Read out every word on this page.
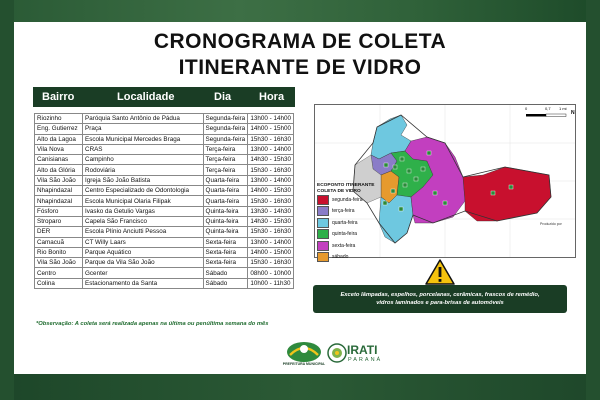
CRONOGRAMA DE COLETA
ITINERANTE DE VIDRO
Bairro	Localidade	Dia	Hora
Riozinho	Paróquia Santo Antônio de Pádua	Segunda-feira	13h00 - 14h00
Eng. Gutierrez	Praça	Segunda-feira	14h00 - 15h00
Alto da Lagoa	Escola Municipal Mercedes Braga	Segunda-feira	15h30 - 16h30
Vila Nova	CRAS	Terça-feira	13h00 - 14h00
Canisianas	Campinho	Terça-feira	14h30 - 15h30
Alto da Glória	Rodoviária	Terça-feira	15h30 - 16h30
Vila São João	Igreja São João Batista	Quarta-feira	13h00 - 14h00
Nhapindazal	Centro Especializado de Odontologia	Quarta-feira	14h00 - 15h30
Nhapindazal	Escola Municipal Olaria Filipak	Quarta-feira	15h30 - 16h30
Fósforo	Ivasko da Getulio Vargas	Quinta-feira	13h30 - 14h30
Stroparo	Capela São Francisco	Quinta-feira	14h30 - 15h30
DER	Escola Plínio Anciutti Pessoa	Quinta-feira	15h30 - 16h30
Camacuã	CT Willy Laars	Sexta-feira	13h00 - 14h00
Rio Bonito	Parque Aquático	Sexta-feira	14h00 - 15h00
Vila São João	Parque da Vila São João	Sexta-feira	15h30 - 16h30
Centro	Gcenter	Sábado	08h00 - 10h00
Colina	Estacionamento da Santa	Sábado	10h00 - 11h30
*Observação: A coleta será realizada apenas na última ou penúltima semana do mês
Produzido por
0	0,7 1 mi
N
ECOPONTO ITINERANTE COLETA DE VIDRO
segunda-feira
terça-feira
quarta-feira
quinta-feira
sexta-feira
sábado
Exceto lâmpadas, espelhos, porcelanas, cerâmicas, frascos de remédio,
vidros laminados e para-brisas de automóveis
PREFEITURA MUNICIPAL
IRATI
PARANÁ
